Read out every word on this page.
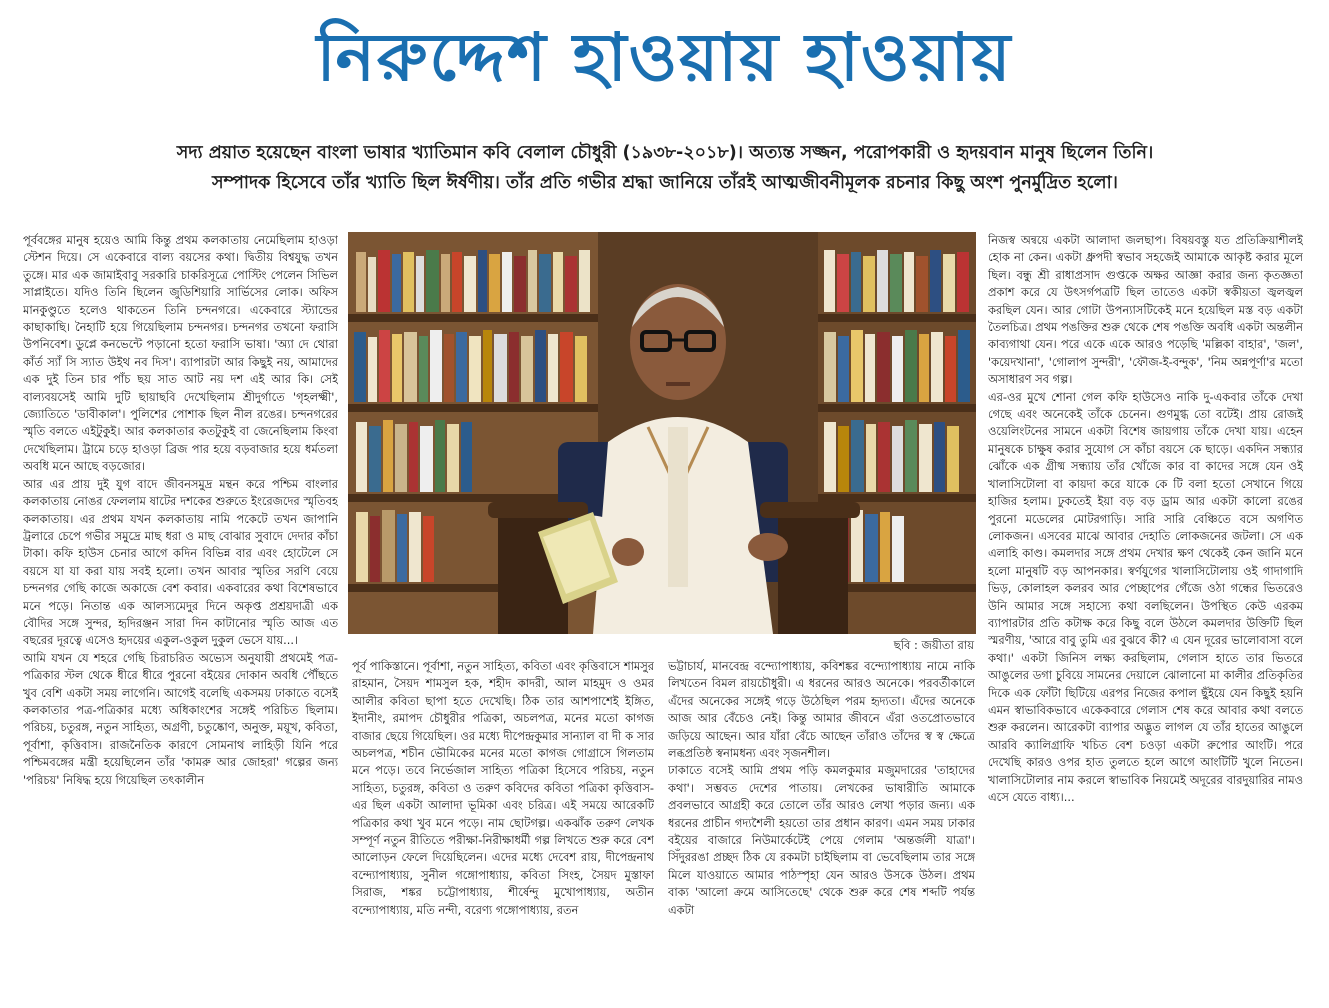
নিরুদ্দেশ হাওয়ায় হাওয়ায়

সদ্য প্রয়াত হয়েছেন বাংলা ভাষার খ্যাতিমান কবি বেলাল চৌধুরী (১৯৩৮-২০১৮)। অত্যন্ত সজ্জন, পরোপকারী ও হৃদয়বান মানুষ ছিলেন তিনি।

সম্পাদক হিসেবে তাঁর খ্যাতি ছিল ঈর্ষণীয়। তাঁর প্রতি গভীর শ্রদ্ধা জানিয়ে তাঁরই আত্মজীবনীমূলক রচনার কিছু অংশ পুনর্মুদ্রিত হলো।

পূর্ববঙ্গের মানুষ হয়েও আমি কিন্তু প্রথম কলকাতায় নেমেছিলাম হাওড়া স্টেশন দিয়ে। সে একেবারে বাল্য বয়সের কথা। দ্বিতীয় বিশ্বযুদ্ধ তখন তুঙ্গে। মার এক জামাইবাবু সরকারি চাকরিসূত্রে পোস্টিং পেলেন সিভিল সাপ্লাইতে। যদিও তিনি ছিলেন জুডিশিয়ারি সার্ভিসের লোক। অফিস মানকুণ্ডুতে হলেও থাকতেন তিনি চন্দনগরে। একেবারে স্ট্যান্ডের কাছাকাছি। নৈহাটি হয়ে গিয়েছিলাম চন্দনগর। চন্দনগর তখনো ফরাসি উপনিবেশ। ডুপ্লে কনভেন্টে পড়ানো হতো ফরাসি ভাষা। 'অ্যা দে থোরা কাঁর্ত স্যাঁ সি স্যাত উইথ নব দিস'। ব্যাপারটা আর কিছুই নয়, আমাদের এক দুই তিন চার পাঁচ ছয় সাত আট নয় দশ এই আর কি। সেই বাল্যবয়সেই আমি দুটি ছায়াছবি দেখেছিলাম শ্রীদুর্গাতে 'গৃহলক্ষ্মী', জ্যোতিতে 'ডাবীকাল'। পুলিশের পোশাক ছিল নীল রঙের। চন্দনগরের স্মৃতি বলতে এইটুকুই। আর কলকাতার কতটুকুই বা জেনেছিলাম কিংবা দেখেছিলাম। ট্রামে চড়ে হাওড়া ব্রিজ পার হয়ে বড়বাজার হয়ে ধর্মতলা অবধি মনে আছে বড়জোর।

আর এর প্রায় দুই যুগ বাদে জীবনসমুদ্র মন্থন করে পশ্চিম বাংলার কলকাতায় নোঙর ফেললাম ষাটের দশকের শুরুতে ইংরেজদের স্মৃতিবহ কলকাতায়। এর প্রথম যখন কলকাতায় নামি পকেটে তখন জাপানি ট্রলারে চেপে গভীর সমুদ্রে মাছ ধরা ও মাছ বোঝার সুবাদে দেদার কাঁচা টাকা। কফি হাউস চেনার আগে কদিন বিভিন্ন বার এবং হোটেলে সে বয়সে যা যা করা যায় সবই হলো। তখন আবার স্মৃতির সরণি বেয়ে চন্দনগর গেছি কাজে অকাজে বেশ কবার। একবারের কথা বিশেষভাবে মনে পড়ে। নিতান্ত এক আলস্যমেদুর দিনে অকৃপ্ত প্রশ্রয়দাত্রী এক বৌদির সঙ্গে সুন্দর, হৃদিরঞ্জন সারা দিন কাটানোর স্মৃতি আজ এত বছরের দূরত্বে এসেও হৃদয়ের একুল-ওকুল দুকুল ভেসে যায়...।

আমি যখন যে শহরে গেছি চিরাচরিত অভ্যেস অনুযায়ী প্রথমেই পত্র-পত্রিকার স্টল থেকে ধীরে ধীরে পুরনো বইয়ের দোকান অবধি পৌঁছতে খুব বেশি একটা সময় লাগেনি। আগেই বলেছি একসময় ঢাকাতে বসেই কলকাতার পত্র-পত্রিকার মধ্যে অধিকাংশের সঙ্গেই পরিচিত ছিলাম। পরিচয়, চতুরঙ্গ, নতুন সাহিত্য, অগ্রণী, চতুষ্কোণ, অনুক্ত, ময়ূখ, কবিতা, পূর্বাশা, কৃত্তিবাস। রাজনৈতিক কারণে সোমনাথ লাহিড়ী যিনি পরে পশ্চিমবঙ্গের মন্ত্রী হয়েছিলেন তাঁর 'কামরু আর জোহরা' গল্পের জন্য 'পরিচয়' নিষিদ্ধ হয়ে গিয়েছিল তৎকালীন

ছবি : জয়ীতা রায়

পূর্ব পাকিস্তানে। পূর্বাশা, নতুন সাহিত্য, কবিতা এবং কৃত্তিবাসে শামসুর রাহমান, সৈয়দ শামসুল হক, শহীদ কাদরী, আল মাহমুদ ও ওমর আলীর কবিতা ছাপা হতে দেখেছি। ঠিক তার আশপাশেই ইঙ্গিত, ইদানীং, রমাপদ চৌধুরীর পত্রিকা, অচলপত্র, মনের মতো কাগজ বাজার ছেয়ে গিয়েছিল। ওর মধ্যে দীপেন্দ্রকুমার সান্যাল বা দী ক সার অচলপত্র, শচীন ভৌমিকের মনের মতো কাগজ গোগ্রাসে গিলতাম মনে পড়ে। তবে নির্ভেজাল সাহিত্য পত্রিকা হিসেবে পরিচয়, নতুন সাহিত্য, চতুরঙ্গ, কবিতা ও তরুণ কবিদের কবিতা পত্রিকা কৃত্তিবাস-এর ছিল একটা আলাদা ভূমিকা এবং চরিত্র। এই সময়ে আরেকটি পত্রিকার কথা খুব মনে পড়ে। নাম ছোটগল্প। একঝাঁক তরুণ লেখক সম্পূর্ণ নতুন রীতিতে পরীক্ষা-নিরীক্ষাধর্মী গল্প লিখতে শুরু করে বেশ আলোড়ন ফেলে দিয়েছিলেন। এদের মধ্যে দেবেশ রায়, দীপেন্দ্রনাথ বন্দ্যোপাধ্যায়, সুনীল গঙ্গোপাধ্যায়, কবিতা সিংহ, সৈয়দ মুস্তাফা সিরাজ, শঙ্কর চট্টোপাধ্যায়, শীর্ষেন্দু মুখোপাধ্যায়, অতীন বন্দ্যোপাধ্যায়, মতি নন্দী, বরেণ্য গঙ্গোপাধ্যায়, রতন

ভট্টাচার্য, মানবেন্দ্র বন্দ্যোপাধ্যায়, কবিশঙ্কর বন্দ্যোপাধ্যায় নামে নাকি লিখতেন বিমল রায়চৌধুরী। এ ধরনের আরও অনেকে। পরবর্তীকালে এঁদের অনেকের সঙ্গেই গড়ে উঠেছিল পরম হৃদ্যতা। এঁদের অনেকে আজ আর বেঁচেও নেই। কিন্তু আমার জীবনে এঁরা ওতপ্রোতভাবে জড়িয়ে আছেন। আর যাঁরা বেঁচে আছেন তাঁরাও তাঁদের স্ব স্ব ক্ষেত্রে লব্ধপ্রতিষ্ঠ স্বনামধন্য এবং সৃজনশীল।

ঢাকাতে বসেই আমি প্রথম পড়ি কমলকুমার মজুমদারের 'তাহাদের কথা'। সম্ভবত দেশের পাতায়। লেখকের ভাষারীতি আমাকে প্রবলভাবে আগ্রহী করে তোলে তাঁর আরও লেখা পড়ার জন্য। এক ধরনের প্রাচীন গদ্যশৈলী হয়তো তার প্রধান কারণ। এমন সময় ঢাকার বইয়ের বাজারে নিউমার্কেটেই পেয়ে গেলাম 'অন্তর্জলী যাত্রা'। সিঁদুররঙা প্রচ্ছদ ঠিক যে রকমটা চাইছিলাম বা ভেবেছিলাম তার সঙ্গে মিলে যাওয়াতে আমার পাঠস্পৃহা যেন আরও উসকে উঠল। প্রথম বাক্য 'আলো ক্রমে আসিতেছে' থেকে শুরু করে শেষ শব্দটি পর্যন্ত একটা

নিজস্ব অন্বয়ে একটা আলাদা জলছাপ। বিষয়বস্তু যত প্রতিক্রিয়াশীলই হোক না কেন। একটা ধ্রুপদী স্বভাব সহজেই আমাকে আকৃষ্ট করার মূলে ছিল। বন্ধু শ্রী রাধাপ্রসাদ গুপ্তকে অক্ষর আজ্ঞা করার জন্য কৃতজ্ঞতা প্রকাশ করে যে উৎসর্গপত্রটি ছিল তাতেও একটা স্বকীয়তা জ্বলজ্বল করছিল যেন। আর গোটা উপন্যাসটিকেই মনে হয়েছিল মস্ত বড় একটা তৈলচিত্র। প্রথম পঙক্তির শুরু থেকে শেষ পঙক্তি অবধি একটা অন্তলীন কাব্যগাথা যেন। পরে একে একে আরও পড়েছি 'মল্লিকা বাহার', 'জল', 'কয়েদখানা', 'গোলাপ সুন্দরী', 'ফৌজ-ই-বন্দুক', 'নিম অন্নপূর্ণা'র মতো অসাধারণ সব গল্প।

এর-ওর মুখে শোনা গেল কফি হাউসেও নাকি দু-একবার তাঁকে দেখা গেছে এবং অনেকেই তাঁকে চেনেন। গুণমুগ্ধ তো বটেই। প্রায় রোজই ওয়েলিংটনের সামনে একটা বিশেষ জায়গায় তাঁকে দেখা যায়। এহেন মানুষকে চাক্ষুষ করার সুযোগ সে কাঁচা বয়সে কে ছাড়ে। একদিন সন্ধ্যার ঝোঁকে এক গ্রীষ্ম সন্ধ্যায় তাঁর খোঁজে কার বা কাদের সঙ্গে যেন ওই খালাসিটোলা বা কায়দা করে যাকে কে টি বলা হতো সেখানে গিয়ে হাজির হলাম। ঢুকতেই ইয়া বড় বড় ড্রাম আর একটা কালো রঙের পুরনো মডেলের মোটরগাড়ি। সারি সারি বেঞ্চিতে বসে অগণিত লোকজন। এসবের মাঝে আবার দেহাতি লোকজনের জটলা। সে এক এলাহি কাণ্ড। কমলদার সঙ্গে প্রথম দেখার ক্ষণ থেকেই কেন জানি মনে হলো মানুষটি বড় আপনকার। স্বর্ণযুগের খালাসিটোলায় ওই গাদাগাদি ভিড়, কোলাহল কলরব আর পেচ্ছাপের গেঁজে ওঠা গন্ধের ভিতরেও উনি আমার সঙ্গে সহাস্যে কথা বলছিলেন। উপস্থিত কেউ এরকম ব্যাপারটার প্রতি কটাক্ষ করে কিছু বলে উঠলে কমলদার উক্তিটি ছিল স্মরণীয়, 'আরে বাবু তুমি এর বুঝবে কী? এ যেন দূরের ভালোবাসা বলে কথা।' একটা জিনিস লক্ষ্য করছিলাম, গেলাস হাতে তার ভিতরে আঙুলের ডগা চুবিয়ে সামনের দেয়ালে ঝোলানো মা কালীর প্রতিকৃতির দিকে এক ফোঁটা ছিটিয়ে এরপর নিজের কপাল ছুঁইয়ে যেন কিছুই হয়নি এমন স্বাভাবিকভাবে একেকবারে গেলাস শেষ করে আবার কথা বলতে শুরু করলেন। আরেকটা ব্যাপার অদ্ভুত লাগল যে তাঁর হাতের আঙুলে আরবি ক্যালিগ্রাফি খচিত বেশ চওড়া একটা রুপোর আংটি। পরে দেখেছি কারও ওপর হাত তুলতে হলে আগে আংটিটি খুলে নিতেন। খালাসিটোলার নাম করলে স্বাভাবিক নিয়মেই অদূরের বারদুয়ারির নামও এসে যেতে বাধ্য।...
